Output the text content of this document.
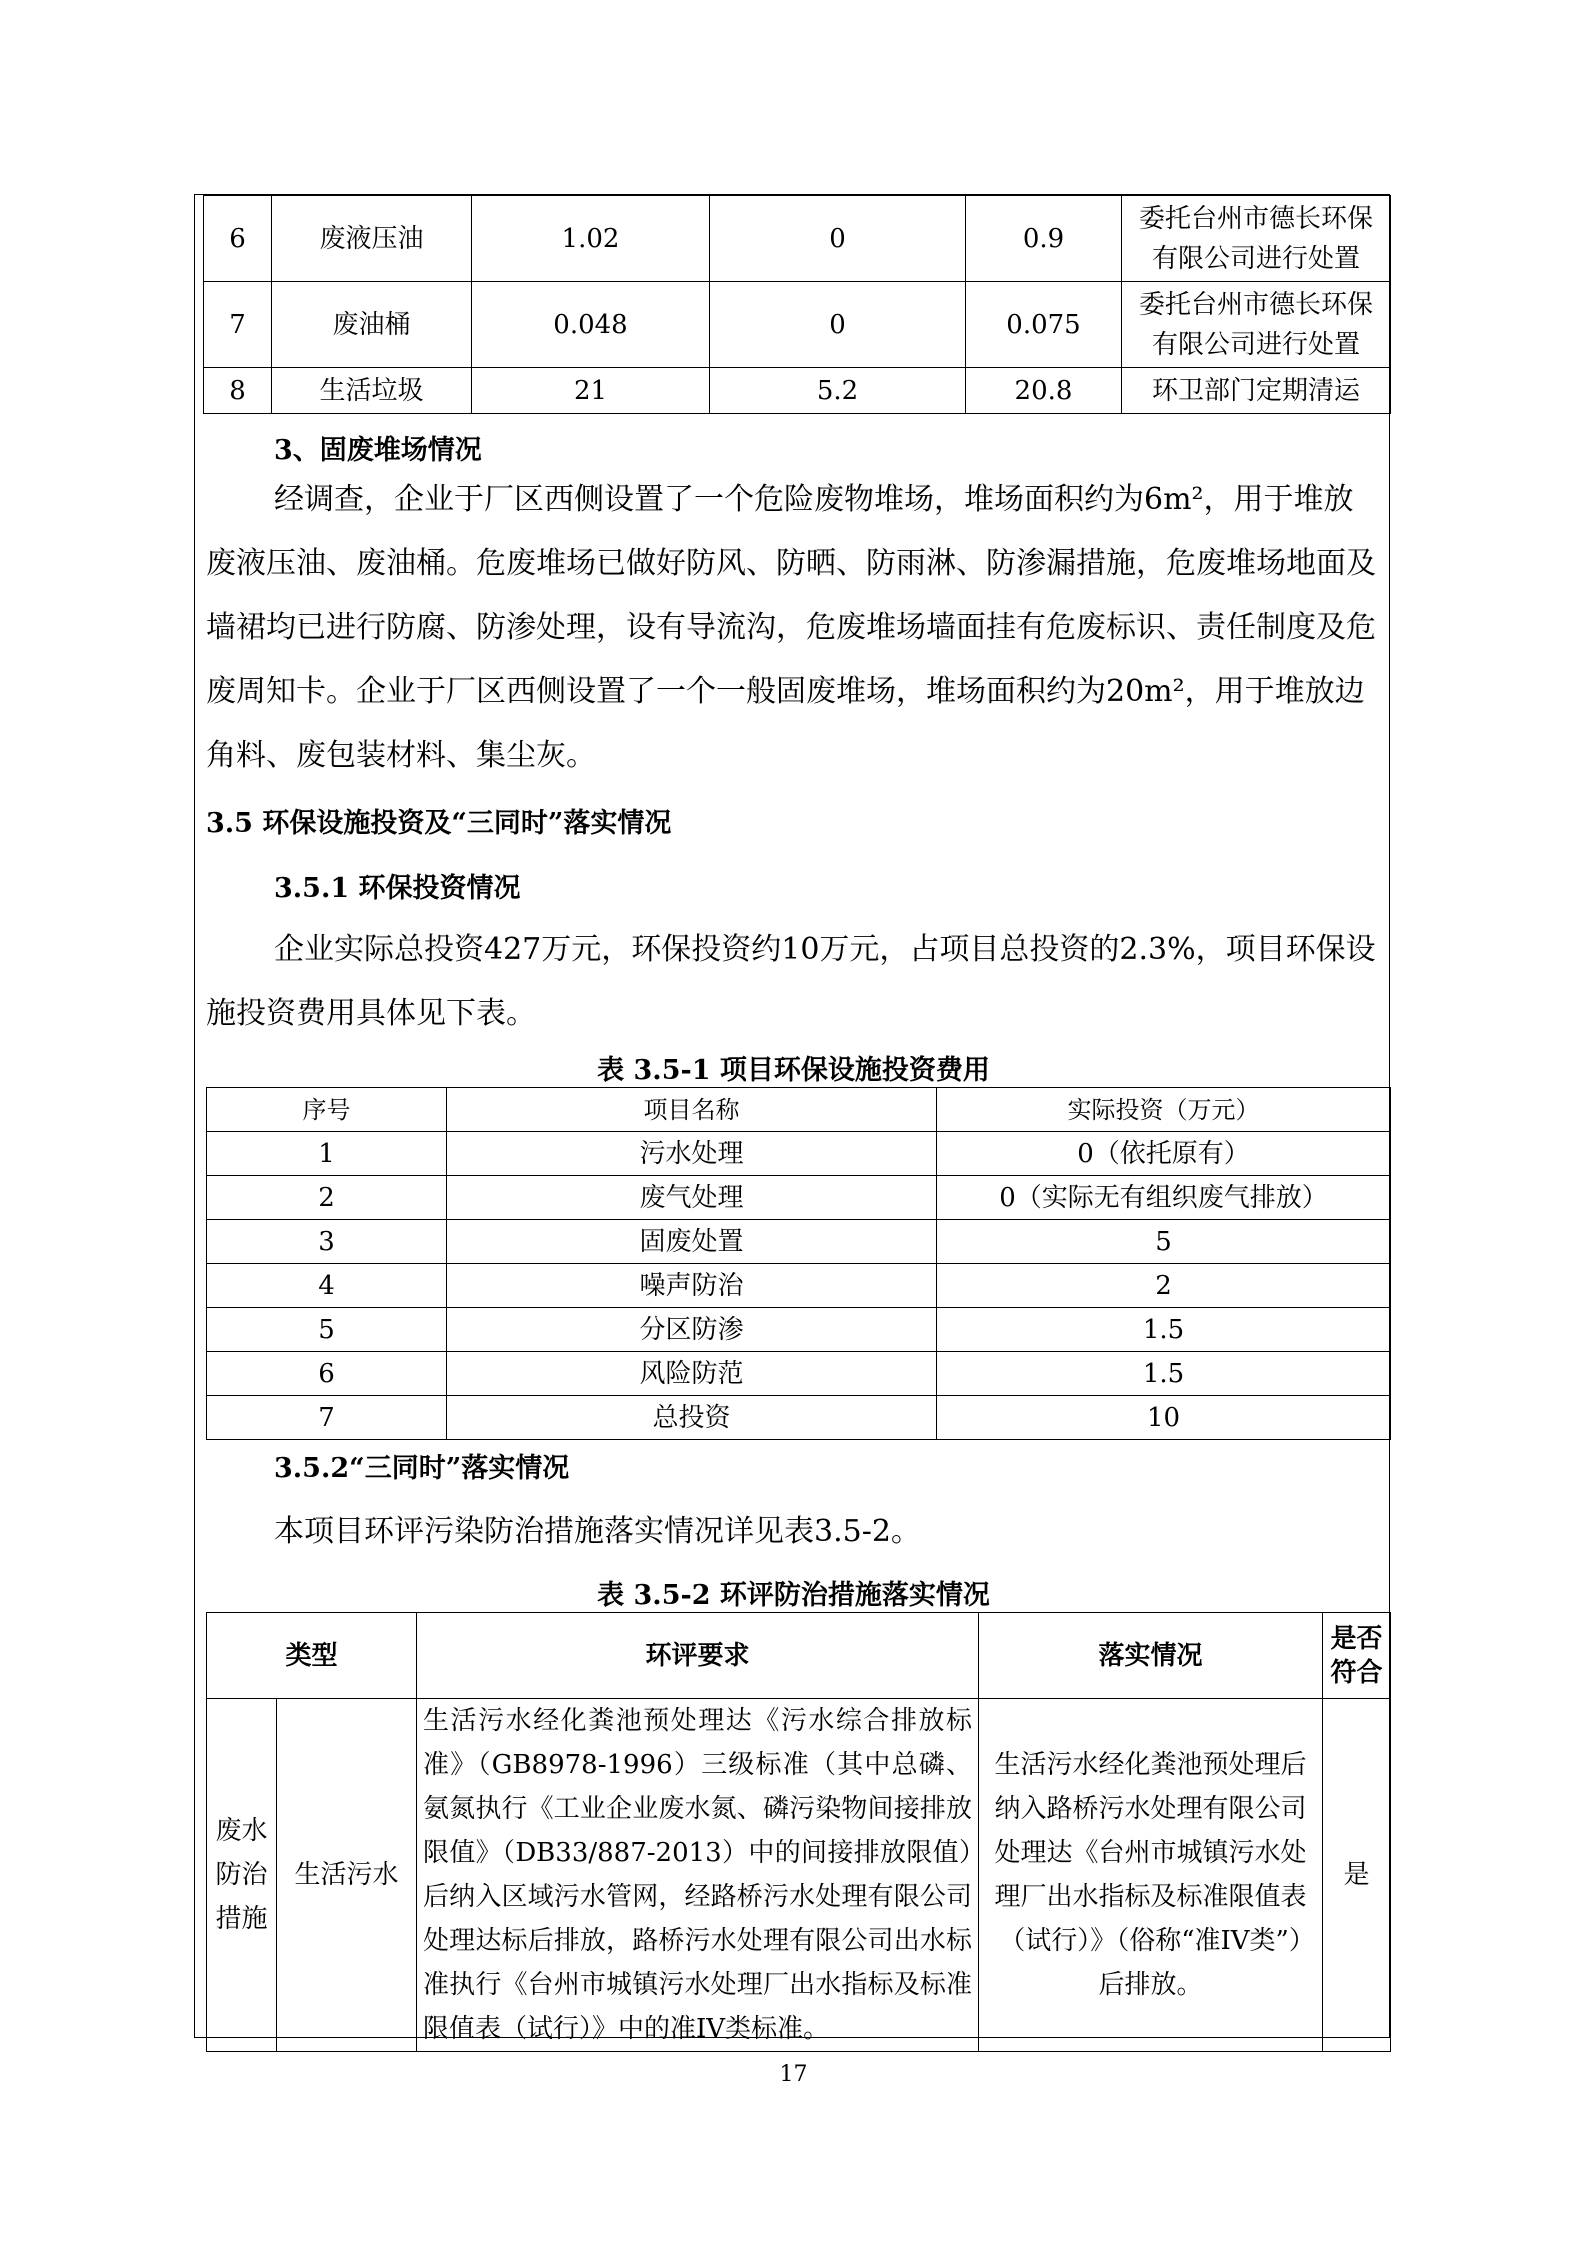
6	废液压油	1.02	0	0.9	委托台州市德长环保有限公司进行处置
7	废油桶	0.048	0	0.075	委托台州市德长环保有限公司进行处置
8	生活垃圾	21	5.2	20.8	环卫部门定期清运
3、固废堆场情况
经调查，企业于厂区西侧设置了一个危险废物堆场，堆场面积约为6m²，用于堆放废液压油、废油桶。危废堆场已做好防风、防晒、防雨淋、防渗漏措施，危废堆场地面及墙裙均已进行防腐、防渗处理，设有导流沟，危废堆场墙面挂有危废标识、责任制度及危废周知卡。企业于厂区西侧设置了一个一般固废堆场，堆场面积约为20m²，用于堆放边角料、废包装材料、集尘灰。
3.5 环保设施投资及“三同时”落实情况
3.5.1 环保投资情况
企业实际总投资427万元，环保投资约10万元，占项目总投资的2.3%，项目环保设施投资费用具体见下表。
表 3.5-1 项目环保设施投资费用
序号	项目名称	实际投资（万元）
1	污水处理	0（依托原有）
2	废气处理	0（实际无有组织废气排放）
3	固废处置	5
4	噪声防治	2
5	分区防渗	1.5
6	风险防范	1.5
7	总投资	10
3.5.2“三同时”落实情况
本项目环评污染防治措施落实情况详见表3.5-2。
表 3.5-2 环评防治措施落实情况
类型		环评要求	落实情况	是否符合
废水防治措施	生活污水	生活污水经化粪池预处理达《污水综合排放标准》（GB8978-1996）三级标准（其中总磷、氨氮执行《工业企业废水氮、磷污染物间接排放限值》（DB33/887-2013）中的间接排放限值）后纳入区域污水管网，经路桥污水处理有限公司处理达标后排放，路桥污水处理有限公司出水标准执行《台州市城镇污水处理厂出水指标及标准限值表（试行）》中的准IV类标准。	生活污水经化粪池预处理后纳入路桥污水处理有限公司处理达《台州市城镇污水处理厂出水指标及标准限值表（试行）》（俗称“准IV类”）后排放。	是
17
